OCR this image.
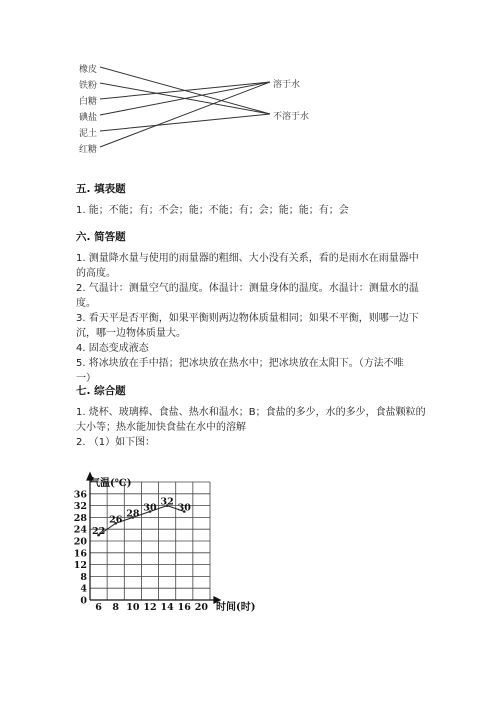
橡皮
铁粉
白糖
碘盐
泥土
红糖
溶于水
不溶于水
五. 填表题
1. 能；不能；有；不会；能；不能；有；会；能；能；有；会
六. 简答题
1. 测量降水量与使用的雨量器的粗细、大小没有关系，看的是雨水在雨量器中
的高度。
2. 气温计：测量空气的温度。体温计：测量身体的温度。水温计：测量水的温
度。
3. 看天平是否平衡，如果平衡则两边物体质量相同；如果不平衡，则哪一边下
沉，哪一边物体质量大。
4. 固态变成液态
5. 将冰块放在手中捂；把冰块放在热水中；把冰块放在太阳下。（方法不唯
一）
七. 综合题
1. 烧杯、玻璃棒、食盐、热水和温水；B；食盐的多少，水的多少，食盐颗粒的
大小等；热水能加快食盐在水中的溶解
2. （1）如下图：
0
4
8
12
16
20
24
28
32
36
6 8 10 12 14 16 20
22
26
28
30
32
30
气温(℃)
时间(时)
